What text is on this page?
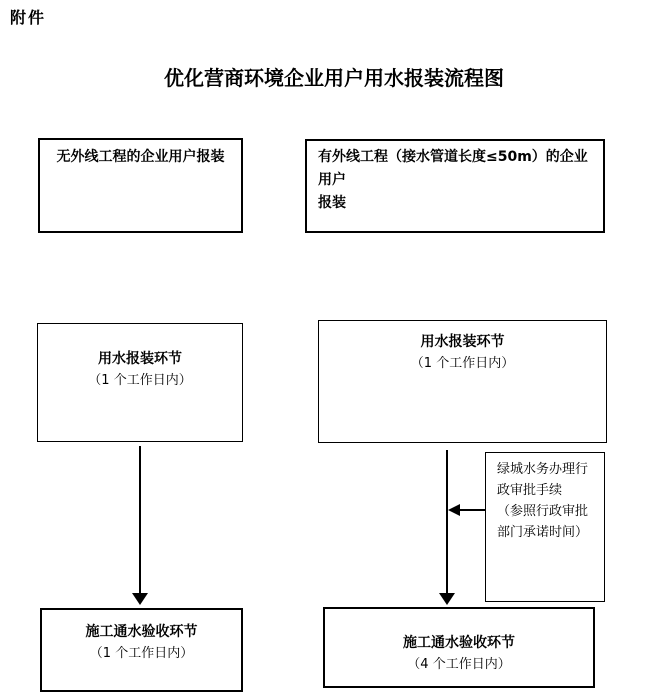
附件
优化营商环境企业用户用水报装流程图
无外线工程的企业用户报装	有外线工程（接水管道长度≤50m）的企业用户
报装
用水报装环节
（1 个工作日内）
用水报装环节
（1 个工作日内）
绿城水务办理行
政审批手续
（参照行政审批
部门承诺时间）
施工通水验收环节
（1 个工作日内）
施工通水验收环节
（4 个工作日内）
